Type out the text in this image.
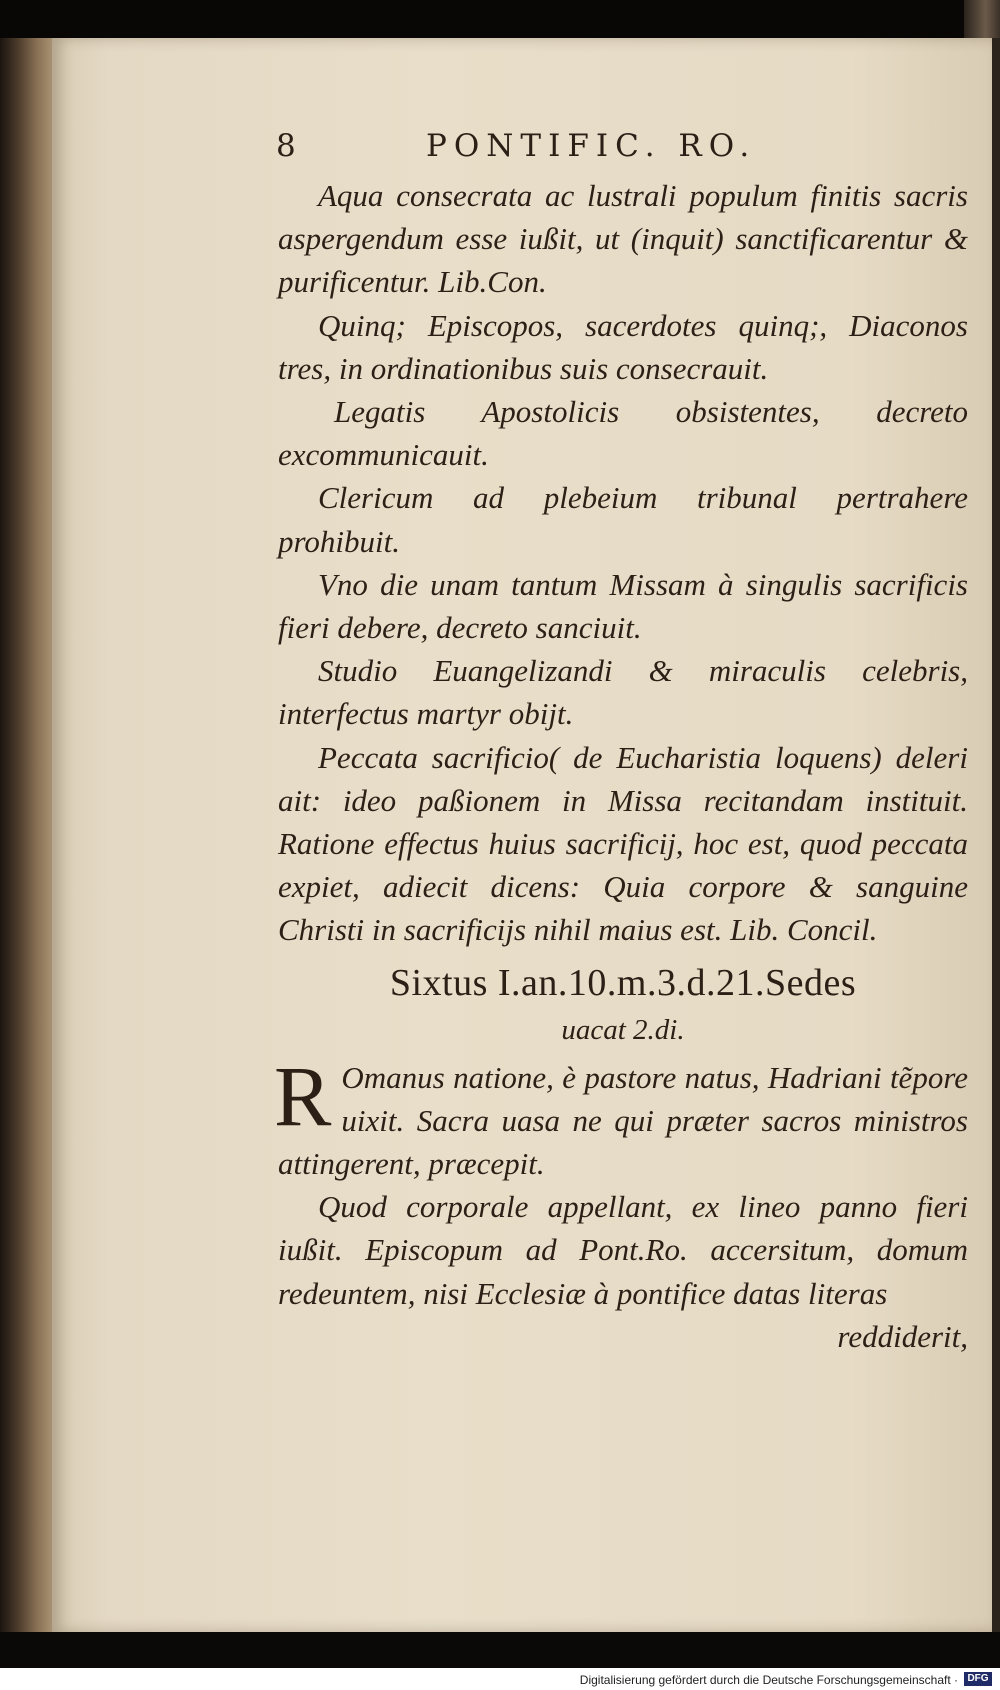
8	PONTIFIC. RO.

Aqua consecrata ac lustrali populum finitis sacris aspergendum esse iußit, ut (inquit) sanctificarentur & purificentur. Lib.Con.

Quinq; Episcopos, sacerdotes quinq;, Diaconos tres, in ordinationibus suis consecrauit.

Legatis Apostolicis obsistentes, decreto excommunicauit.

Clericum ad plebeium tribunal pertrahere prohibuit.

Vno die unam tantum Missam à singulis sacrificis fieri debere, decreto sanciuit.

Studio Euangelizandi & miraculis celebris, interfectus martyr obijt.

Peccata sacrificio( de Eucharistia loquens) deleri ait: ideo paßionem in Missa recitandam instituit. Ratione effectus huius sacrificij, hoc est, quod peccata expiet, adiecit dicens: Quia corpore & sanguine Christi in sacrificijs nihil maius est. Lib. Concil.

Sixtus I.an.10.m.3.d.21.Sedes
uacat 2.di.

R Omanus natione, è pastore natus, Hadriani tẽpore uixit. Sacra uasa ne qui præter sacros ministros attingerent, præcepit.

Quod corporale appellant, ex lineo panno fieri iußit. Episcopum ad Pont.Ro. accersitum, domum redeuntem, nisi Ecclesiæ à pontifice datas literas

reddiderit,

Digitalisierung gefördert durch die Deutsche Forschungsgemeinschaft · DFG
